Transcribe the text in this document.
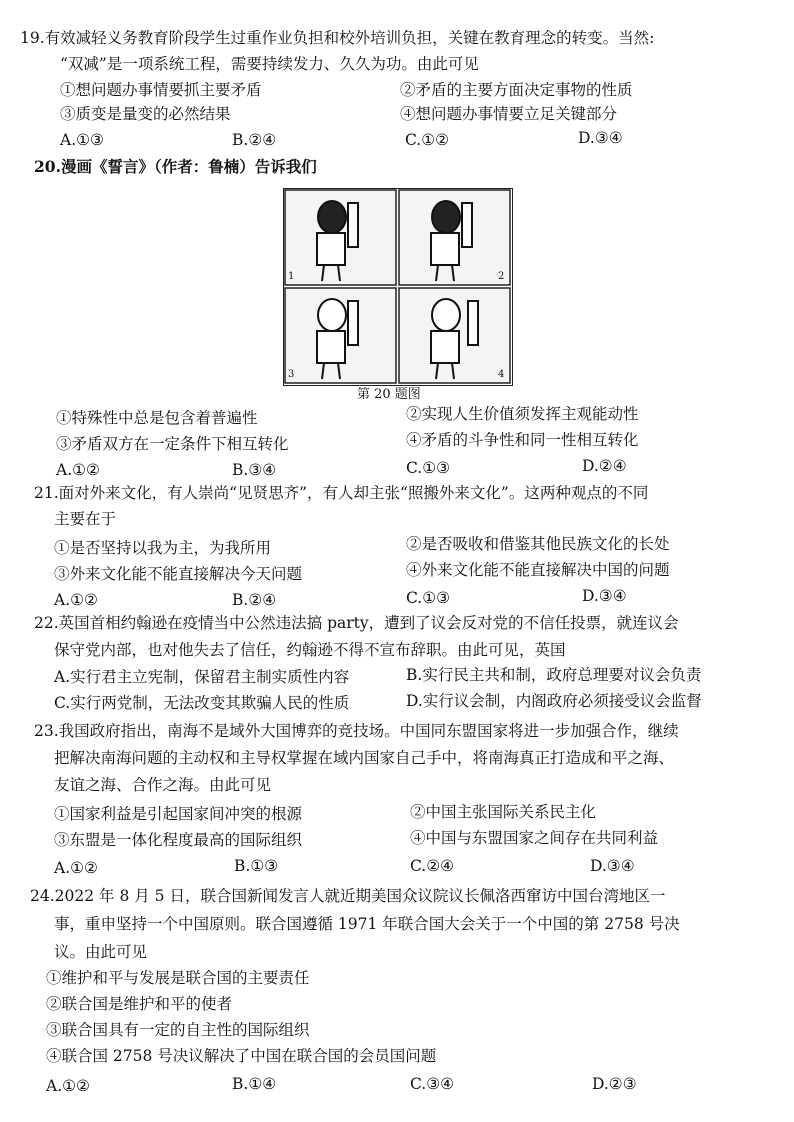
19.有效减轻义务教育阶段学生过重作业负担和校外培训负担，关键在教育理念的转变。当然:
“双减”是一项系统工程，需要持续发力、久久为功。由此可见
①想问题办事情要抓主要矛盾	②矛盾的主要方面决定事物的性质
③质变是量变的必然结果	④想问题办事情要立足关键部分
A.①③	B.②④	C.①②	D.③④
20.漫画《誓言》（作者：鲁楠）告诉我们
1	2
3	4
第 20 题图
①特殊性中总是包含着普遍性	②实现人生价值须发挥主观能动性
③矛盾双方在一定条件下相互转化	④矛盾的斗争性和同一性相互转化
A.①②	B.③④	C.①③	D.②④
21.面对外来文化，有人崇尚“见贤思齐”，有人却主张“照搬外来文化”。这两种观点的不同
主要在于
①是否坚持以我为主，为我所用	②是否吸收和借鉴其他民族文化的长处
③外来文化能不能直接解决今天问题	④外来文化能不能直接解决中国的问题
A.①②	B.②④	C.①③	D.③④
22.英国首相约翰逊在疫情当中公然违法搞 party，遭到了议会反对党的不信任投票，就连议会
保守党内部，也对他失去了信任，约翰逊不得不宣布辞职。由此可见，英国
A.实行君主立宪制，保留君主制实质性内容	B.实行民主共和制，政府总理要对议会负责
C.实行两党制，无法改变其欺骗人民的性质	D.实行议会制，内阁政府必须接受议会监督
23.我国政府指出，南海不是域外大国博弈的竞技场。中国同东盟国家将进一步加强合作，继续
把解决南海问题的主动权和主导权掌握在域内国家自己手中，将南海真正打造成和平之海、
友谊之海、合作之海。由此可见
①国家利益是引起国家间冲突的根源	②中国主张国际关系民主化
③东盟是一体化程度最高的国际组织	④中国与东盟国家之间存在共同利益
A.①②	B.①③	C.②④	D.③④
24.2022 年 8 月 5 日，联合国新闻发言人就近期美国众议院议长佩洛西窜访中国台湾地区一
事，重申坚持一个中国原则。联合国遵循 1971 年联合国大会关于一个中国的第 2758 号决
议。由此可见
①维护和平与发展是联合国的主要责任
②联合国是维护和平的使者
③联合国具有一定的自主性的国际组织
④联合国 2758 号决议解决了中国在联合国的会员国问题
A.①②	B.①④	C.③④	D.②③
